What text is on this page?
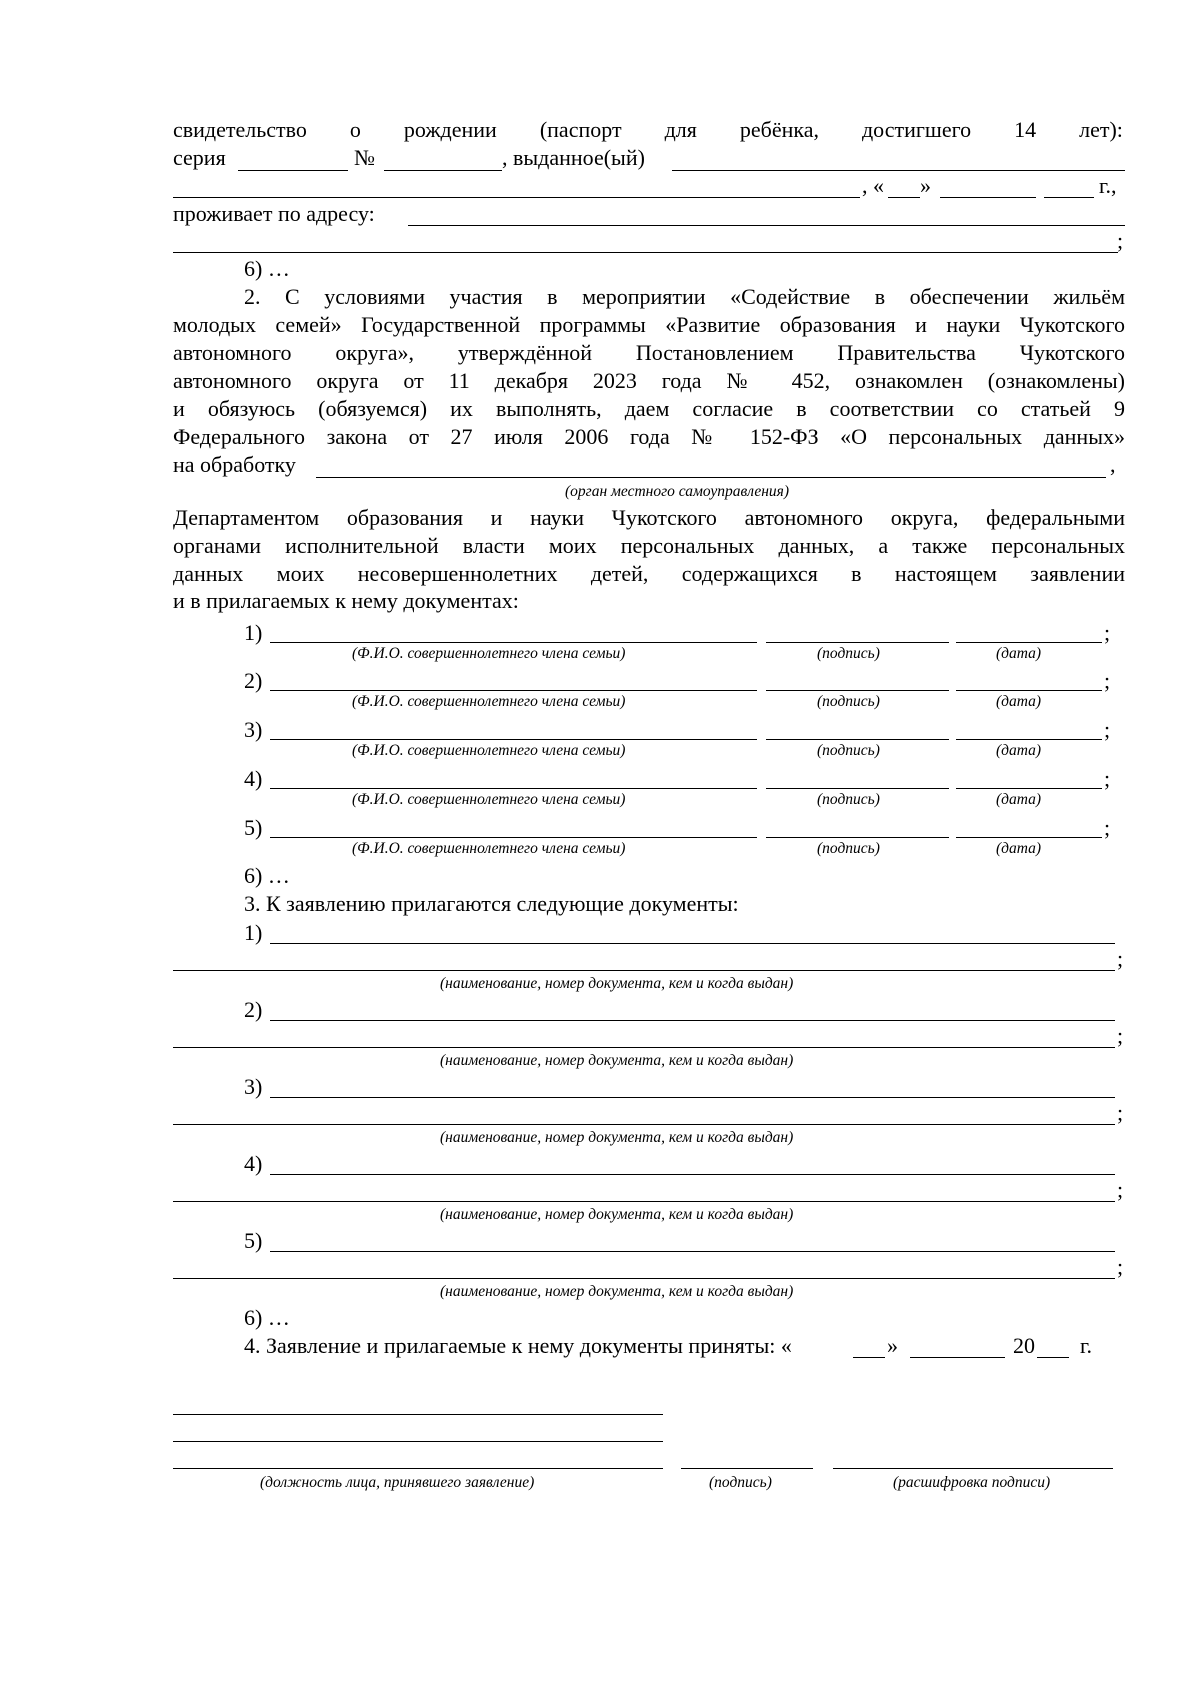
свидетельство о рождении (паспорт для ребёнка, достигшего 14 лет):
серия	№	, выданное(ый)
, « »	г.,
проживает по адресу:
;
6) …
2. С условиями участия в мероприятии «Содействие в обеспечении жильём
молодых семей» Государственной программы «Развитие образования и науки Чукотского
автономного округа», утверждённой Постановлением Правительства Чукотского
автономного округа от 11 декабря 2023 года № 452, ознакомлен (ознакомлены)
и обязуюсь (обязуемся) их выполнять, даем согласие в соответствии со статьей 9
Федерального закона от 27 июля 2006 года № 152-ФЗ «О персональных данных»
на обработку	,
(орган местного самоуправления)
Департаментом образования и науки Чукотского автономного округа, федеральными
органами исполнительной власти моих персональных данных, а также персональных
данных моих несовершеннолетних детей, содержащихся в настоящем заявлении
и в прилагаемых к нему документах:
1)	;
(Ф.И.О. совершеннолетнего члена семьи)	(подпись)	(дата)
2)	;
(Ф.И.О. совершеннолетнего члена семьи)	(подпись)	(дата)
3)	;
(Ф.И.О. совершеннолетнего члена семьи)	(подпись)	(дата)
4)	;
(Ф.И.О. совершеннолетнего члена семьи)	(подпись)	(дата)
5)	;
(Ф.И.О. совершеннолетнего члена семьи)	(подпись)	(дата)
6) …
3. К заявлению прилагаются следующие документы:
1)
;
(наименование, номер документа, кем и когда выдан)
2)
;
(наименование, номер документа, кем и когда выдан)
3)
;
(наименование, номер документа, кем и когда выдан)
4)
;
(наименование, номер документа, кем и когда выдан)
5)
;
(наименование, номер документа, кем и когда выдан)
6) …
4. Заявление и прилагаемые к нему документы приняты: «	»	20 г.
(должность лица, принявшего заявление)	(подпись)	(расшифровка подписи)
